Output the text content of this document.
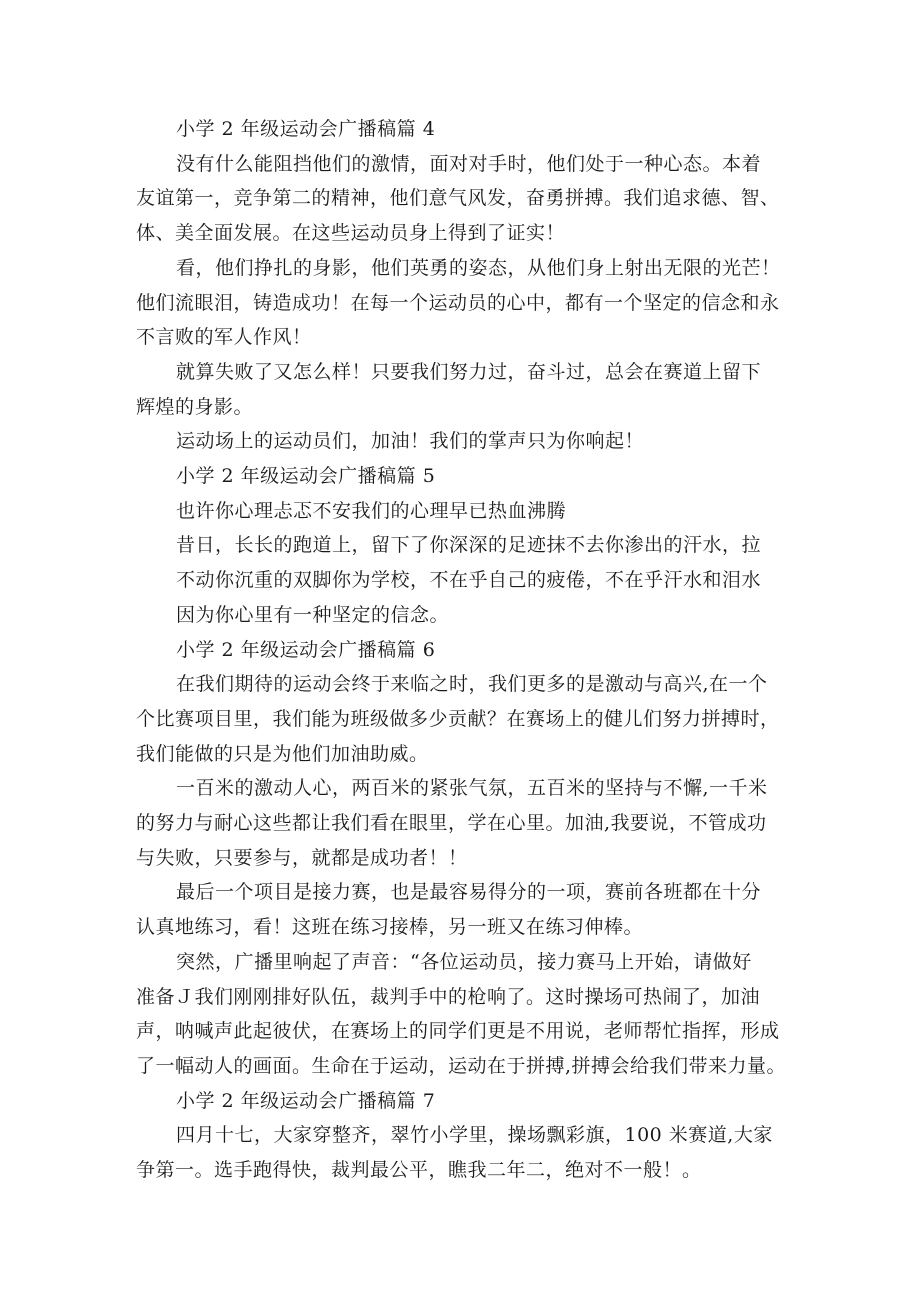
小学 2 年级运动会广播稿篇 4
没有什么能阻挡他们的激情，面对对手时，他们处于一种心态。本着
友谊第一，竞争第二的精神，他们意气风发，奋勇拼搏。我们追求德、智、
体、美全面发展。在这些运动员身上得到了证实！
看，他们挣扎的身影，他们英勇的姿态，从他们身上射出无限的光芒！
他们流眼泪，铸造成功！在每一个运动员的心中，都有一个坚定的信念和永
不言败的军人作风！
就算失败了又怎么样！只要我们努力过，奋斗过，总会在赛道上留下
辉煌的身影。
运动场上的运动员们，加油！我们的掌声只为你响起！
小学 2 年级运动会广播稿篇 5
也许你心理忐忑不安我们的心理早已热血沸腾
昔日，长长的跑道上，留下了你深深的足迹抹不去你渗出的汗水，拉
不动你沉重的双脚你为学校，不在乎自己的疲倦，不在乎汗水和泪水
因为你心里有一种坚定的信念。
小学 2 年级运动会广播稿篇 6
在我们期待的运动会终于来临之时，我们更多的是激动与高兴,在一个
个比赛项目里，我们能为班级做多少贡献？在赛场上的健儿们努力拼搏时，
我们能做的只是为他们加油助威。
一百米的激动人心，两百米的紧张气氛，五百米的坚持与不懈,一千米
的努力与耐心这些都让我们看在眼里，学在心里。加油,我要说，不管成功
与失败，只要参与，就都是成功者！！
最后一个项目是接力赛，也是最容易得分的一项，赛前各班都在十分
认真地练习，看！这班在练习接棒，另一班又在练习伸棒。
突然，广播里响起了声音：“各位运动员，接力赛马上开始，请做好
准备Ｊ我们刚刚排好队伍，裁判手中的枪响了。这时操场可热闹了，加油
声，呐喊声此起彼伏，在赛场上的同学们更是不用说，老师帮忙指挥，形成
了一幅动人的画面。生命在于运动，运动在于拼搏,拼搏会给我们带来力量。
小学 2 年级运动会广播稿篇 7
四月十七，大家穿整齐，翠竹小学里，操场飘彩旗，100 米赛道,大家
争第一。选手跑得快，裁判最公平，瞧我二年二，绝对不一般！。
